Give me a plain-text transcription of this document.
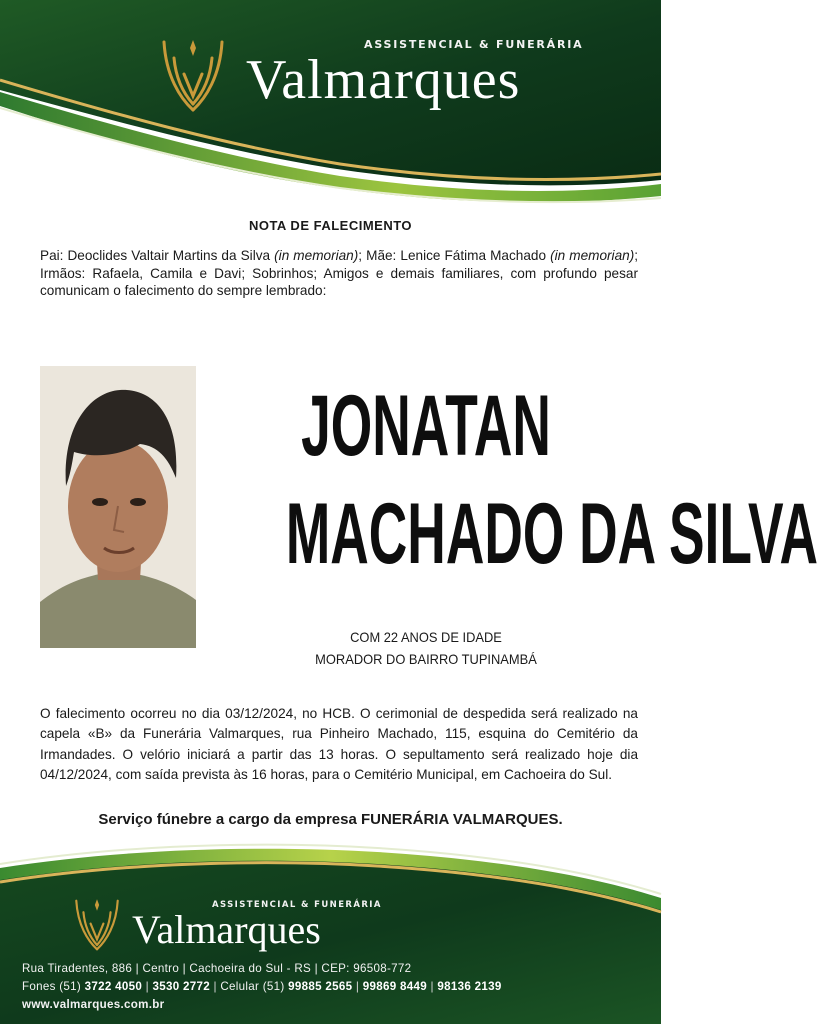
ASSISTENCIAL & FUNERÁRIA
Valmarques
NOTA DE FALECIMENTO
Pai: Deoclides Valtair Martins da Silva (in memorian); Mãe: Lenice Fátima Machado (in memorian); Irmãos: Rafaela, Camila e Davi; Sobrinhos; Amigos e demais familiares, com profundo pesar comunicam o falecimento do sempre lembrado:
JONATAN
MACHADO DA SILVA
COM 22 ANOS DE IDADE
MORADOR DO BAIRRO TUPINAMBÁ
O falecimento ocorreu no dia 03/12/2024, no HCB. O cerimonial de despedida será realizado na capela «B» da Funerária Valmarques, rua Pinheiro Machado, 115, esquina do Cemitério da Irmandades. O velório iniciará a partir das 13 horas. O sepultamento será realizado hoje dia 04/12/2024, com saída prevista às 16 horas, para o Cemitério Municipal, em Cachoeira do Sul.
Serviço fúnebre a cargo da empresa FUNERÁRIA VALMARQUES.
ASSISTENCIAL & FUNERÁRIA
Valmarques
Rua Tiradentes, 886 | Centro | Cachoeira do Sul - RS | CEP: 96508-772
Fones (51) 3722 4050 | 3530 2772 | Celular (51) 99885 2565 | 99869 8449 | 98136 2139
www.valmarques.com.br
